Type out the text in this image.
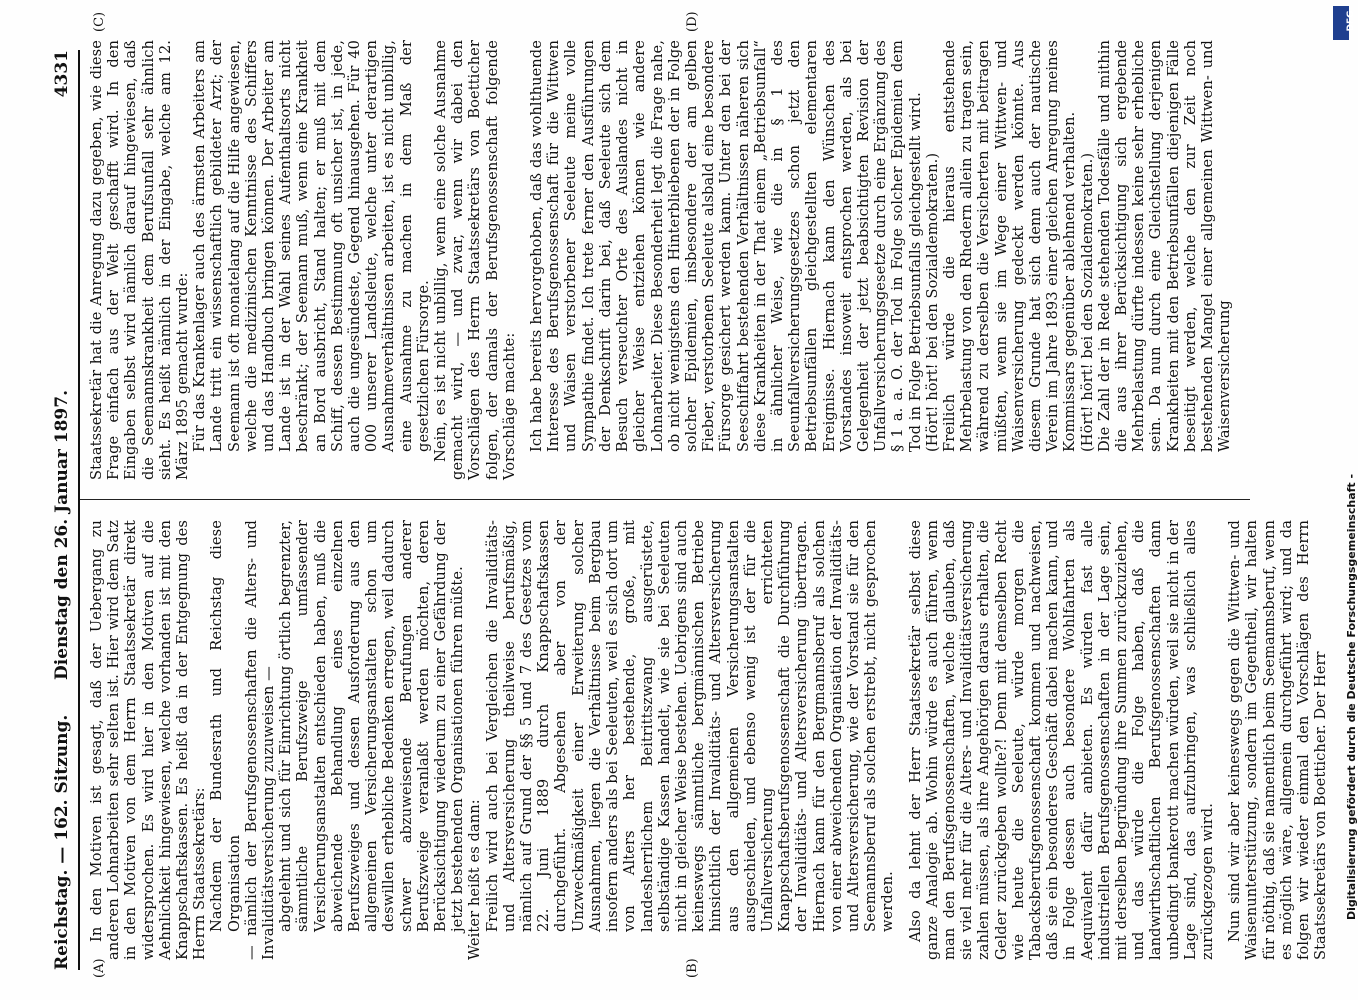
Reichstag. — 162. Sitzung.
Dienstag den 26. Januar 1897.
4331
(A)	(B)
(C)	(D)

In den Motiven ist gesagt, daß der Uebergang zu anderen Lohnarbeiten sehr selten ist. Hier wird dem Satz in den Motiven von dem Herrn Staatssekretär direkt widersprochen. Es wird hier in den Motiven auf die Aehnlichkeit hingewiesen, welche vorhanden ist mit den Knappschaftskassen. Es heißt da in der Entgegnung des Herrn Staatssekretärs: Nachdem der Bundesrath und Reichstag diese Organisation — nämlich der Berufsgenossenschaften die Alters- und Invaliditätsversicherung zuzuweisen — abgelehnt und sich für Einrichtung örtlich begrenzter, sämmtliche Berufszweige umfassender Versicherungsanstalten entschieden haben, muß die abweichende Behandlung eines einzelnen Berufszweiges und dessen Ausforderung aus den allgemeinen Versicherungsanstalten schon um deswillen erhebliche Bedenken erregen, weil dadurch schwer abzuweisende Berufungen anderer Berufszweige veranlaßt werden möchten, deren Berücksichtigung wiederum zu einer Gefährdung der jetzt bestehenden Organisationen führen müßte. Weiter heißt es dann: Freilich wird auch bei Vergleichen die Invaliditäts- und Altersversicherung theilweise berufsmäßig, nämlich auf Grund der §§ 5 und 7 des Gesetzes vom 22. Juni 1889 durch Knappschaftskassen durchgeführt. Abgesehen aber von der Unzweckmäßigkeit einer Erweiterung solcher Ausnahmen, liegen die Verhältnisse beim Bergbau insofern anders als bei Seeleuten, weil es sich dort um von Alters her bestehende, große, mit landesherrlichem Beitrittszwang ausgerüstete, selbständige Kassen handelt, wie sie bei Seeleuten nicht in gleicher Weise bestehen. Uebrigens sind auch keineswegs sämmtliche bergmännischen Betriebe hinsichtlich der Invaliditäts- und Altersversicherung aus den allgemeinen Versicherungsanstalten ausgeschieden, und ebenso wenig ist der für die Unfallversicherung errichteten Knappschaftsberufsgenossenschaft die Durchführung der Invaliditäts- und Altersversicherung übertragen. Hiernach kann für den Bergmannsberuf als solchen von einer abweichenden Organisation der Invaliditäts- und Altersversicherung, wie der Vorstand sie für den Seemannsberuf als solchen erstrebt, nicht gesprochen werden. Also da lehnt der Herr Staatssekretär selbst diese ganze Analogie ab. Wohin würde es auch führen, wenn man den Berufsgenossenschaften, welche glauben, daß sie viel mehr für die Alters- und Invaliditätsversicherung zahlen müssen, als ihre Angehörigen daraus erhalten, die Gelder zurückgeben wollte?! Denn mit demselben Recht wie heute die Seeleute, würde morgen die Tabacksberufsgenossenschaft kommen und nachweisen, daß sie ein besonderes Geschäft dabei machen kann, und in Folge dessen auch besondere Wohlfahrten als Aequivalent dafür anbieten. Es würden fast alle industriellen Berufsgenossenschaften in der Lage sein, mit derselben Begründung ihre Summen zurückzuziehen, und das würde die Folge haben, daß die landwirthschaftlichen Berufsgenossenschaften dann unbedingt bankerott machen würden, weil sie nicht in der Lage sind, das aufzubringen, was schließlich alles zurückgezogen wird. Nun sind wir aber keineswegs gegen die Wittwen- und Waisenunterstützung, sondern im Gegentheil, wir halten für nöthig, daß sie namentlich beim Seemannsberuf, wenn es möglich wäre, allgemein durchgeführt wird; und da folgen wir wieder einmal den Vorschlägen des Herrn Staatssekretärs von Boetticher. Der Herr

Staatssekretär hat die Anregung dazu gegeben, wie diese Frage einfach aus der Welt geschafft wird. In den Eingaben selbst wird nämlich darauf hingewiesen, daß die Seemannskrankheit dem Berufsunfall sehr ähnlich sieht. Es heißt nämlich in der Eingabe, welche am 12. März 1895 gemacht wurde: Für das Krankenlager auch des ärmsten Arbeiters am Lande tritt ein wissenschaftlich gebildeter Arzt; der Seemann ist oft monatelang auf die Hilfe angewiesen, welche die medizinischen Kenntnisse des Schiffers und das Handbuch bringen können. Der Arbeiter am Lande ist in der Wahl seines Aufenthaltsorts nicht beschränkt; der Seemann muß, wenn eine Krankheit an Bord ausbricht, Stand halten; er muß mit dem Schiff, dessen Bestimmung oft unsicher ist, in jede, auch die ungesündeste, Gegend hinausgehen. Für 40 000 unserer Landsleute, welche unter derartigen Ausnahmeverhältnissen arbeiten, ist es nicht unbillig, eine Ausnahme zu machen in dem Maß der gesetzlichen Fürsorge. Nein, es ist nicht unbillig, wenn eine solche Ausnahme gemacht wird, — und zwar, wenn wir dabei den Vorschlägen des Herrn Staatssekretärs von Boetticher folgen, der damals der Berufsgenossenschaft folgende Vorschläge machte: Ich habe bereits hervorgehoben, daß das wohlthuende Interesse des Berufsgenossenschaft für die Wittwen und Waisen verstorbener Seeleute meine volle Sympathie findet. Ich trete ferner den Ausführungen der Denkschrift darin bei, daß Seeleute sich dem Besuch verseuchter Orte des Auslandes nicht in gleicher Weise entziehen können wie andere Lohnarbeiter. Diese Besonderheit legt die Frage nahe, ob nicht wenigstens den Hinterbliebenen der in Folge solcher Epidemien, insbesondere der am gelben Fieber, verstorbenen Seeleute alsbald eine besondere Fürsorge gesichert werden kann. Unter den bei der Seeschiffahrt bestehenden Verhältnissen näheren sich diese Krankheiten in der That einem „Betriebsunfall“ in ähnlicher Weise, wie die in § 1 des Seeunfallversicherungsgesetzes schon jetzt den Betriebsunfällen gleichgestellten elementaren Ereignisse. Hiernach kann den Wünschen des Vorstandes insoweit entsprochen werden, als bei Gelegenheit der jetzt beabsichtigten Revision der Unfallversicherungsgesetze durch eine Ergänzung des § 1 a. a. O. der Tod in Folge solcher Epidemien dem Tod in Folge Betriebsunfalls gleichgestellt wird. (Hört! hört! bei den Sozialdemokraten.) Freilich würde die hieraus entstehende Mehrbelastung von den Rhedern allein zu tragen sein, während zu derselben die Versicherten mit beitragen müßten, wenn sie im Wege einer Wittwen- und Waisenversicherung gedeckt werden könnte. Aus diesem Grunde hat sich denn auch der nautische Verein im Jahre 1893 einer gleichen Anregung meines Kommissars gegenüber ablehnend verhalten. (Hört! hört! bei den Sozialdemokraten.) Die Zahl der in Rede stehenden Todesfälle und mithin die aus ihrer Berücksichtigung sich ergebende Mehrbelastung dürfte indessen keine sehr erhebliche sein. Da nun durch eine Gleichstellung derjenigen Krankheiten mit den Betriebsunfällen diejenigen Fälle beseitigt werden, welche den zur Zeit noch bestehenden Mangel einer allgemeinen Wittwen- und Waisenversicherung

DFG
Digitalisierung gefördert durch die Deutsche Forschungsgemeinschaft -
